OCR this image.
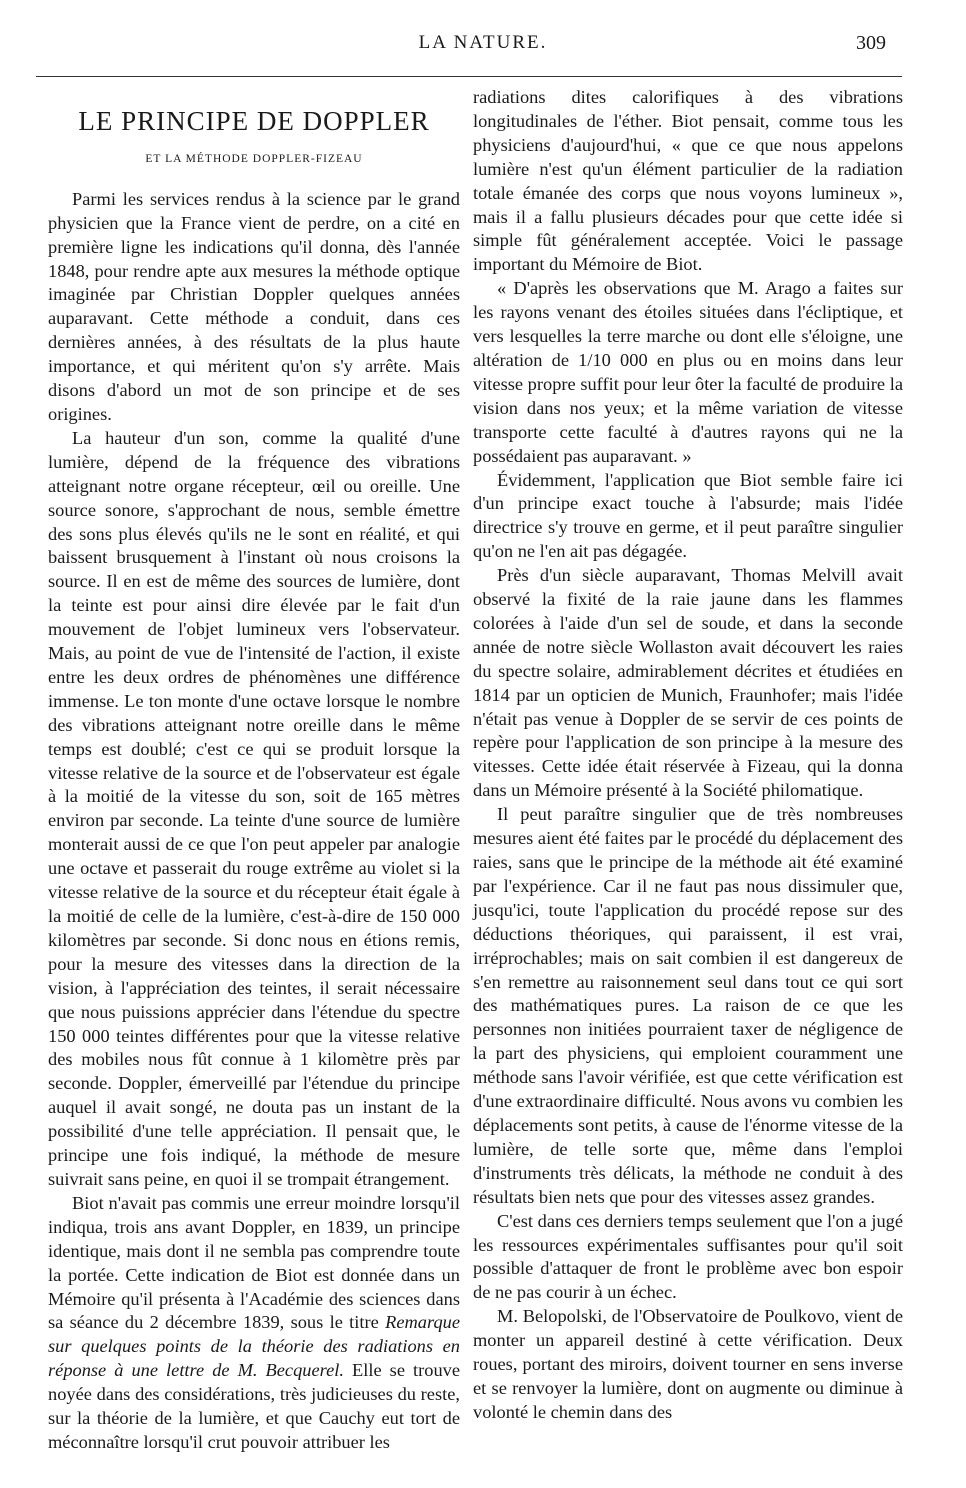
LA NATURE.	309
LE PRINCIPE DE DOPPLER
ET LA MÉTHODE DOPPLER-FIZEAU

Parmi les services rendus à la science par le grand physicien que la France vient de perdre, on a cité en première ligne les indications qu'il donna, dès l'année 1848, pour rendre apte aux mesures la méthode optique imaginée par Christian Doppler quelques années auparavant. Cette méthode a conduit, dans ces dernières années, à des résultats de la plus haute importance, et qui méritent qu'on s'y arrête. Mais disons d'abord un mot de son principe et de ses origines.

La hauteur d'un son, comme la qualité d'une lumière, dépend de la fréquence des vibrations atteignant notre organe récepteur, œil ou oreille. Une source sonore, s'approchant de nous, semble émettre des sons plus élevés qu'ils ne le sont en réalité, et qui baissent brusquement à l'instant où nous croisons la source. Il en est de même des sources de lumière, dont la teinte est pour ainsi dire élevée par le fait d'un mouvement de l'objet lumineux vers l'observateur. Mais, au point de vue de l'intensité de l'action, il existe entre les deux ordres de phénomènes une différence immense. Le ton monte d'une octave lorsque le nombre des vibrations atteignant notre oreille dans le même temps est doublé; c'est ce qui se produit lorsque la vitesse relative de la source et de l'observateur est égale à la moitié de la vitesse du son, soit de 165 mètres environ par seconde. La teinte d'une source de lumière monterait aussi de ce que l'on peut appeler par analogie une octave et passerait du rouge extrême au violet si la vitesse relative de la source et du récepteur était égale à la moitié de celle de la lumière, c'est-à-dire de 150 000 kilomètres par seconde. Si donc nous en étions remis, pour la mesure des vitesses dans la direction de la vision, à l'appréciation des teintes, il serait nécessaire que nous puissions apprécier dans l'étendue du spectre 150 000 teintes différentes pour que la vitesse relative des mobiles nous fût connue à 1 kilomètre près par seconde. Doppler, émerveillé par l'étendue du principe auquel il avait songé, ne douta pas un instant de la possibilité d'une telle appréciation. Il pensait que, le principe une fois indiqué, la méthode de mesure suivrait sans peine, en quoi il se trompait étrangement.

Biot n'avait pas commis une erreur moindre lorsqu'il indiqua, trois ans avant Doppler, en 1839, un principe identique, mais dont il ne sembla pas comprendre toute la portée. Cette indication de Biot est donnée dans un Mémoire qu'il présenta à l'Académie des sciences dans sa séance du 2 décembre 1839, sous le titre Remarque sur quelques points de la théorie des radiations en réponse à une lettre de M. Becquerel. Elle se trouve noyée dans des considérations, très judicieuses du reste, sur la théorie de la lumière, et que Cauchy eut tort de méconnaître lorsqu'il crut pouvoir attribuer les

radiations dites calorifiques à des vibrations longitudinales de l'éther. Biot pensait, comme tous les physiciens d'aujourd'hui, « que ce que nous appelons lumière n'est qu'un élément particulier de la radiation totale émanée des corps que nous voyons lumineux », mais il a fallu plusieurs décades pour que cette idée si simple fût généralement acceptée. Voici le passage important du Mémoire de Biot.

« D'après les observations que M. Arago a faites sur les rayons venant des étoiles situées dans l'écliptique, et vers lesquelles la terre marche ou dont elle s'éloigne, une altération de 1/10 000 en plus ou en moins dans leur vitesse propre suffit pour leur ôter la faculté de produire la vision dans nos yeux; et la même variation de vitesse transporte cette faculté à d'autres rayons qui ne la possédaient pas auparavant. »

Évidemment, l'application que Biot semble faire ici d'un principe exact touche à l'absurde; mais l'idée directrice s'y trouve en germe, et il peut paraître singulier qu'on ne l'en ait pas dégagée.

Près d'un siècle auparavant, Thomas Melvill avait observé la fixité de la raie jaune dans les flammes colorées à l'aide d'un sel de soude, et dans la seconde année de notre siècle Wollaston avait découvert les raies du spectre solaire, admirablement décrites et étudiées en 1814 par un opticien de Munich, Fraunhofer; mais l'idée n'était pas venue à Doppler de se servir de ces points de repère pour l'application de son principe à la mesure des vitesses. Cette idée était réservée à Fizeau, qui la donna dans un Mémoire présenté à la Société philomatique.

Il peut paraître singulier que de très nombreuses mesures aient été faites par le procédé du déplacement des raies, sans que le principe de la méthode ait été examiné par l'expérience. Car il ne faut pas nous dissimuler que, jusqu'ici, toute l'application du procédé repose sur des déductions théoriques, qui paraissent, il est vrai, irréprochables; mais on sait combien il est dangereux de s'en remettre au raisonnement seul dans tout ce qui sort des mathématiques pures. La raison de ce que les personnes non initiées pourraient taxer de négligence de la part des physiciens, qui emploient couramment une méthode sans l'avoir vérifiée, est que cette vérification est d'une extraordinaire difficulté. Nous avons vu combien les déplacements sont petits, à cause de l'énorme vitesse de la lumière, de telle sorte que, même dans l'emploi d'instruments très délicats, la méthode ne conduit à des résultats bien nets que pour des vitesses assez grandes.

C'est dans ces derniers temps seulement que l'on a jugé les ressources expérimentales suffisantes pour qu'il soit possible d'attaquer de front le problème avec bon espoir de ne pas courir à un échec.

M. Belopolski, de l'Observatoire de Poulkovo, vient de monter un appareil destiné à cette vérification. Deux roues, portant des miroirs, doivent tourner en sens inverse et se renvoyer la lumière, dont on augmente ou diminue à volonté le chemin dans des
